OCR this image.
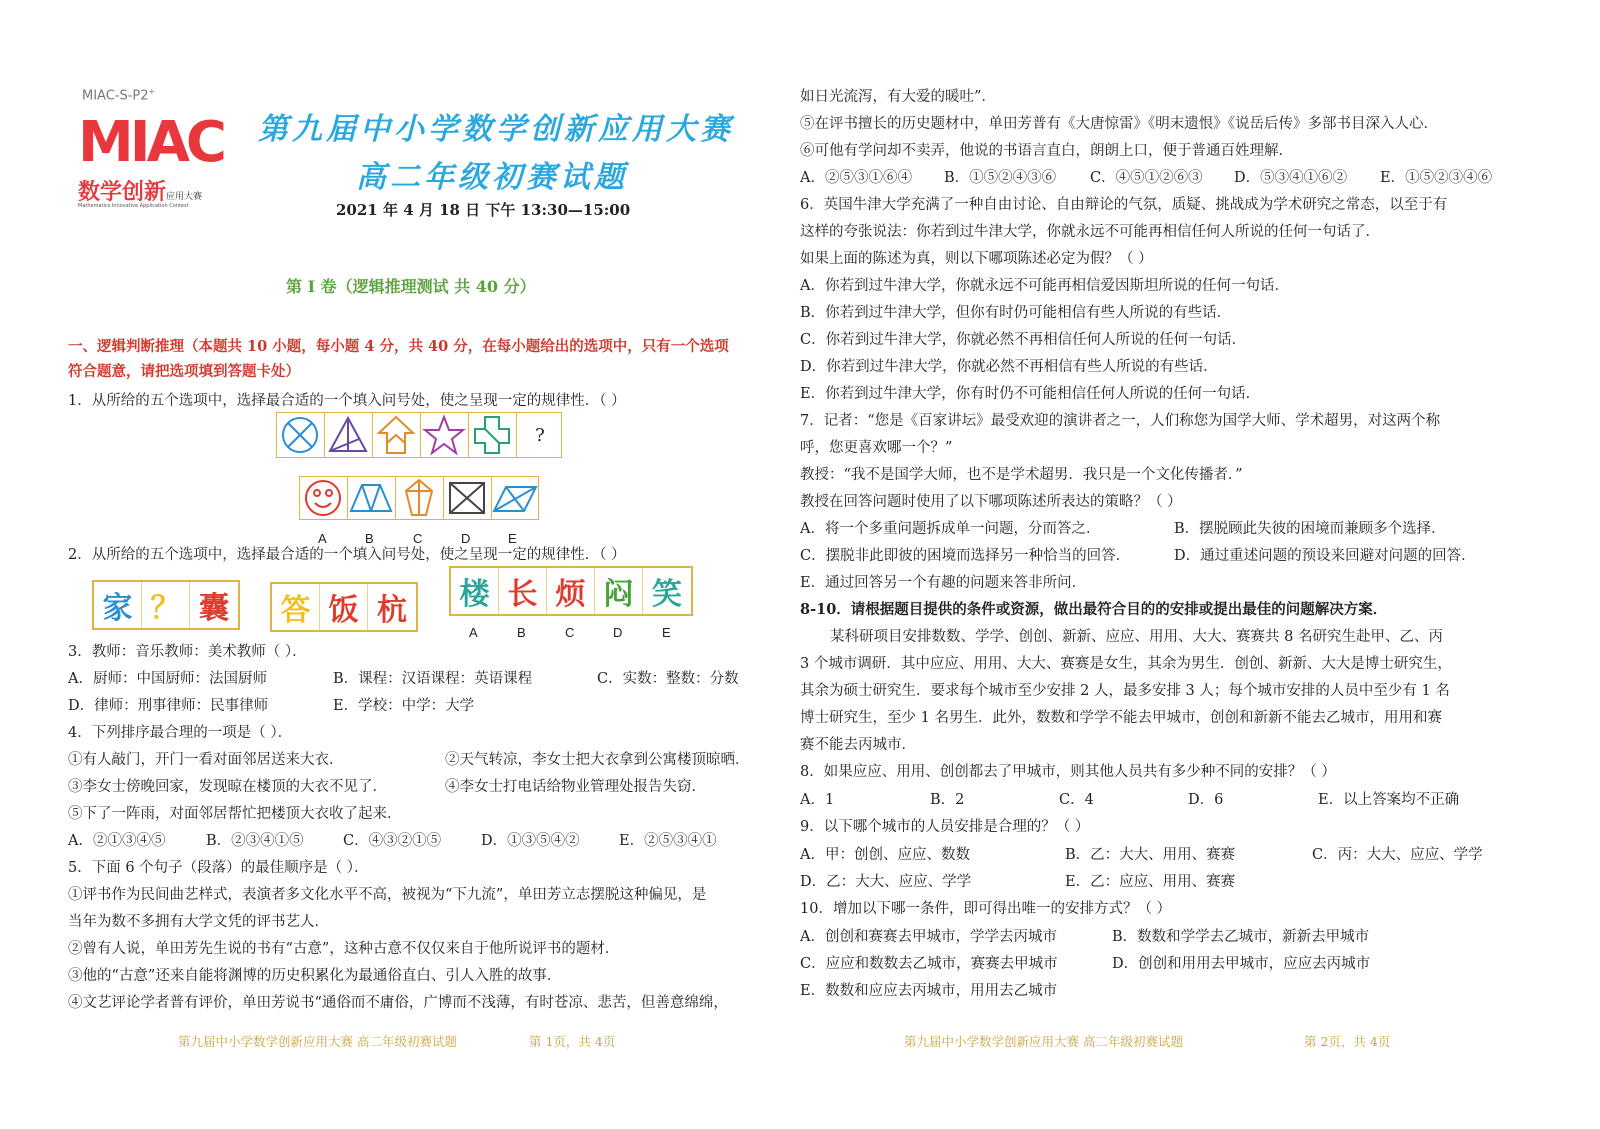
MIAC-S-P2+
MIAC
数学创新应用大赛
Mathematics Innovative Application Contest
第九届中小学数学创新应用大赛
高二年级初赛试题
2021 年 4 月 18 日 下午 13:30—15:00
第 I 卷（逻辑推理测试 共 40 分）
一、逻辑判断推理（本题共 10 小题，每小题 4 分，共 40 分，在每小题给出的选项中，只有一个选项
符合题意，请把选项填到答题卡处）
1．从所给的五个选项中，选择最合适的一个填入问号处，使之呈现一定的规律性．（ ）
?
A	B	C	D	E
2．从所给的五个选项中，选择最合适的一个填入问号处，使之呈现一定的规律性．（ ）
家 ？ 囊	答 饭 杭	楼 长 烦 闷 笑
A	B	C	D	E
3．教师：音乐教师：美术教师（ ）．
A．厨师：中国厨师：法国厨师	B．课程：汉语课程：英语课程	C．实数：整数：分数
D．律师：刑事律师：民事律师	E．学校：中学：大学
4．下列排序最合理的一项是（ ）．
①有人敲门，开门一看对面邻居送来大衣．	②天气转凉，李女士把大衣拿到公寓楼顶晾晒．
③李女士傍晚回家，发现晾在楼顶的大衣不见了．	④李女士打电话给物业管理处报告失窃．
⑤下了一阵雨，对面邻居帮忙把楼顶大衣收了起来．
A．②①③④⑤	B．②③④①⑤	C．④③②①⑤	D．①③⑤④②	E．②⑤③④①
5．下面 6 个句子（段落）的最佳顺序是（ ）．
①评书作为民间曲艺样式，表演者多文化水平不高，被视为“下九流”，单田芳立志摆脱这种偏见，是
当年为数不多拥有大学文凭的评书艺人．
②曾有人说，单田芳先生说的书有“古意”，这种古意不仅仅来自于他所说评书的题材．
③他的“古意”还来自能将渊博的历史积累化为最通俗直白、引人入胜的故事．
④文艺评论学者普有评价，单田芳说书“通俗而不庸俗，广博而不浅薄，有时苍凉、悲苦，但善意绵绵，
第九届中小学数学创新应用大赛 高二年级初赛试题	第 1页，共 4页
如日光流泻，有大爱的暖吐”．
⑤在评书擅长的历史题材中，单田芳普有《大唐惊雷》《明末遗恨》《说岳后传》多部书目深入人心．
⑥可他有学问却不卖弄，他说的书语言直白，朗朗上口，便于普通百姓理解．
A．②⑤③①⑥④ B．①⑤②④③⑥ C．④⑤①②⑥③ D．⑤③④①⑥② E．①⑤②③④⑥
6．英国牛津大学充满了一种自由讨论、自由辩论的气氛，质疑、挑战成为学术研究之常态，以至于有
这样的夸张说法：你若到过牛津大学，你就永远不可能再相信任何人所说的任何一句话了．
如果上面的陈述为真，则以下哪项陈述必定为假？（ ）
A．你若到过牛津大学，你就永远不可能再相信爱因斯坦所说的任何一句话．
B．你若到过牛津大学，但你有时仍可能相信有些人所说的有些话．
C．你若到过牛津大学，你就必然不再相信任何人所说的任何一句话．
D．你若到过牛津大学，你就必然不再相信有些人所说的有些话．
E．你若到过牛津大学，你有时仍不可能相信任何人所说的任何一句话．
7．记者：“您是《百家讲坛》最受欢迎的演讲者之一，人们称您为国学大师、学术超男，对这两个称
呼，您更喜欢哪一个？”
教授：“我不是国学大师，也不是学术超男．我只是一个文化传播者．”
教授在回答问题时使用了以下哪项陈述所表达的策略？（ ）
A．将一个多重问题拆成单一问题，分而答之．	B．摆脱顾此失彼的困境而兼顾多个选择．
C．摆脱非此即彼的困境而选择另一种恰当的回答．	D．通过重述问题的预设来回避对问题的回答．
E．通过回答另一个有趣的问题来答非所问．
8-10．请根据题目提供的条件或资源，做出最符合目的的安排或提出最佳的问题解决方案．
某科研项目安排数数、学学、创创、新新、应应、用用、大大、赛赛共 8 名研究生赴甲、乙、丙
3 个城市调研．其中应应、用用、大大、赛赛是女生，其余为男生．创创、新新、大大是博士研究生，
其余为硕士研究生．要求每个城市至少安排 2 人，最多安排 3 人；每个城市安排的人员中至少有 1 名
博士研究生，至少 1 名男生．此外，数数和学学不能去甲城市，创创和新新不能去乙城市，用用和赛
赛不能去丙城市．
8．如果应应、用用、创创都去了甲城市，则其他人员共有多少种不同的安排？（ ）
A．1	B．2	C．4	D．6	E．以上答案均不正确
9．以下哪个城市的人员安排是合理的？（ ）
A．甲：创创、应应、数数	B．乙：大大、用用、赛赛	C．丙：大大、应应、学学
D．乙：大大、应应、学学	E．乙：应应、用用、赛赛
10．增加以下哪一条件，即可得出唯一的安排方式？（ ）
A．创创和赛赛去甲城市，学学去丙城市	B．数数和学学去乙城市，新新去甲城市
C．应应和数数去乙城市，赛赛去甲城市	D．创创和用用去甲城市，应应去丙城市
E．数数和应应去丙城市，用用去乙城市
第九届中小学数学创新应用大赛 高二年级初赛试题	第 2页，共 4页
